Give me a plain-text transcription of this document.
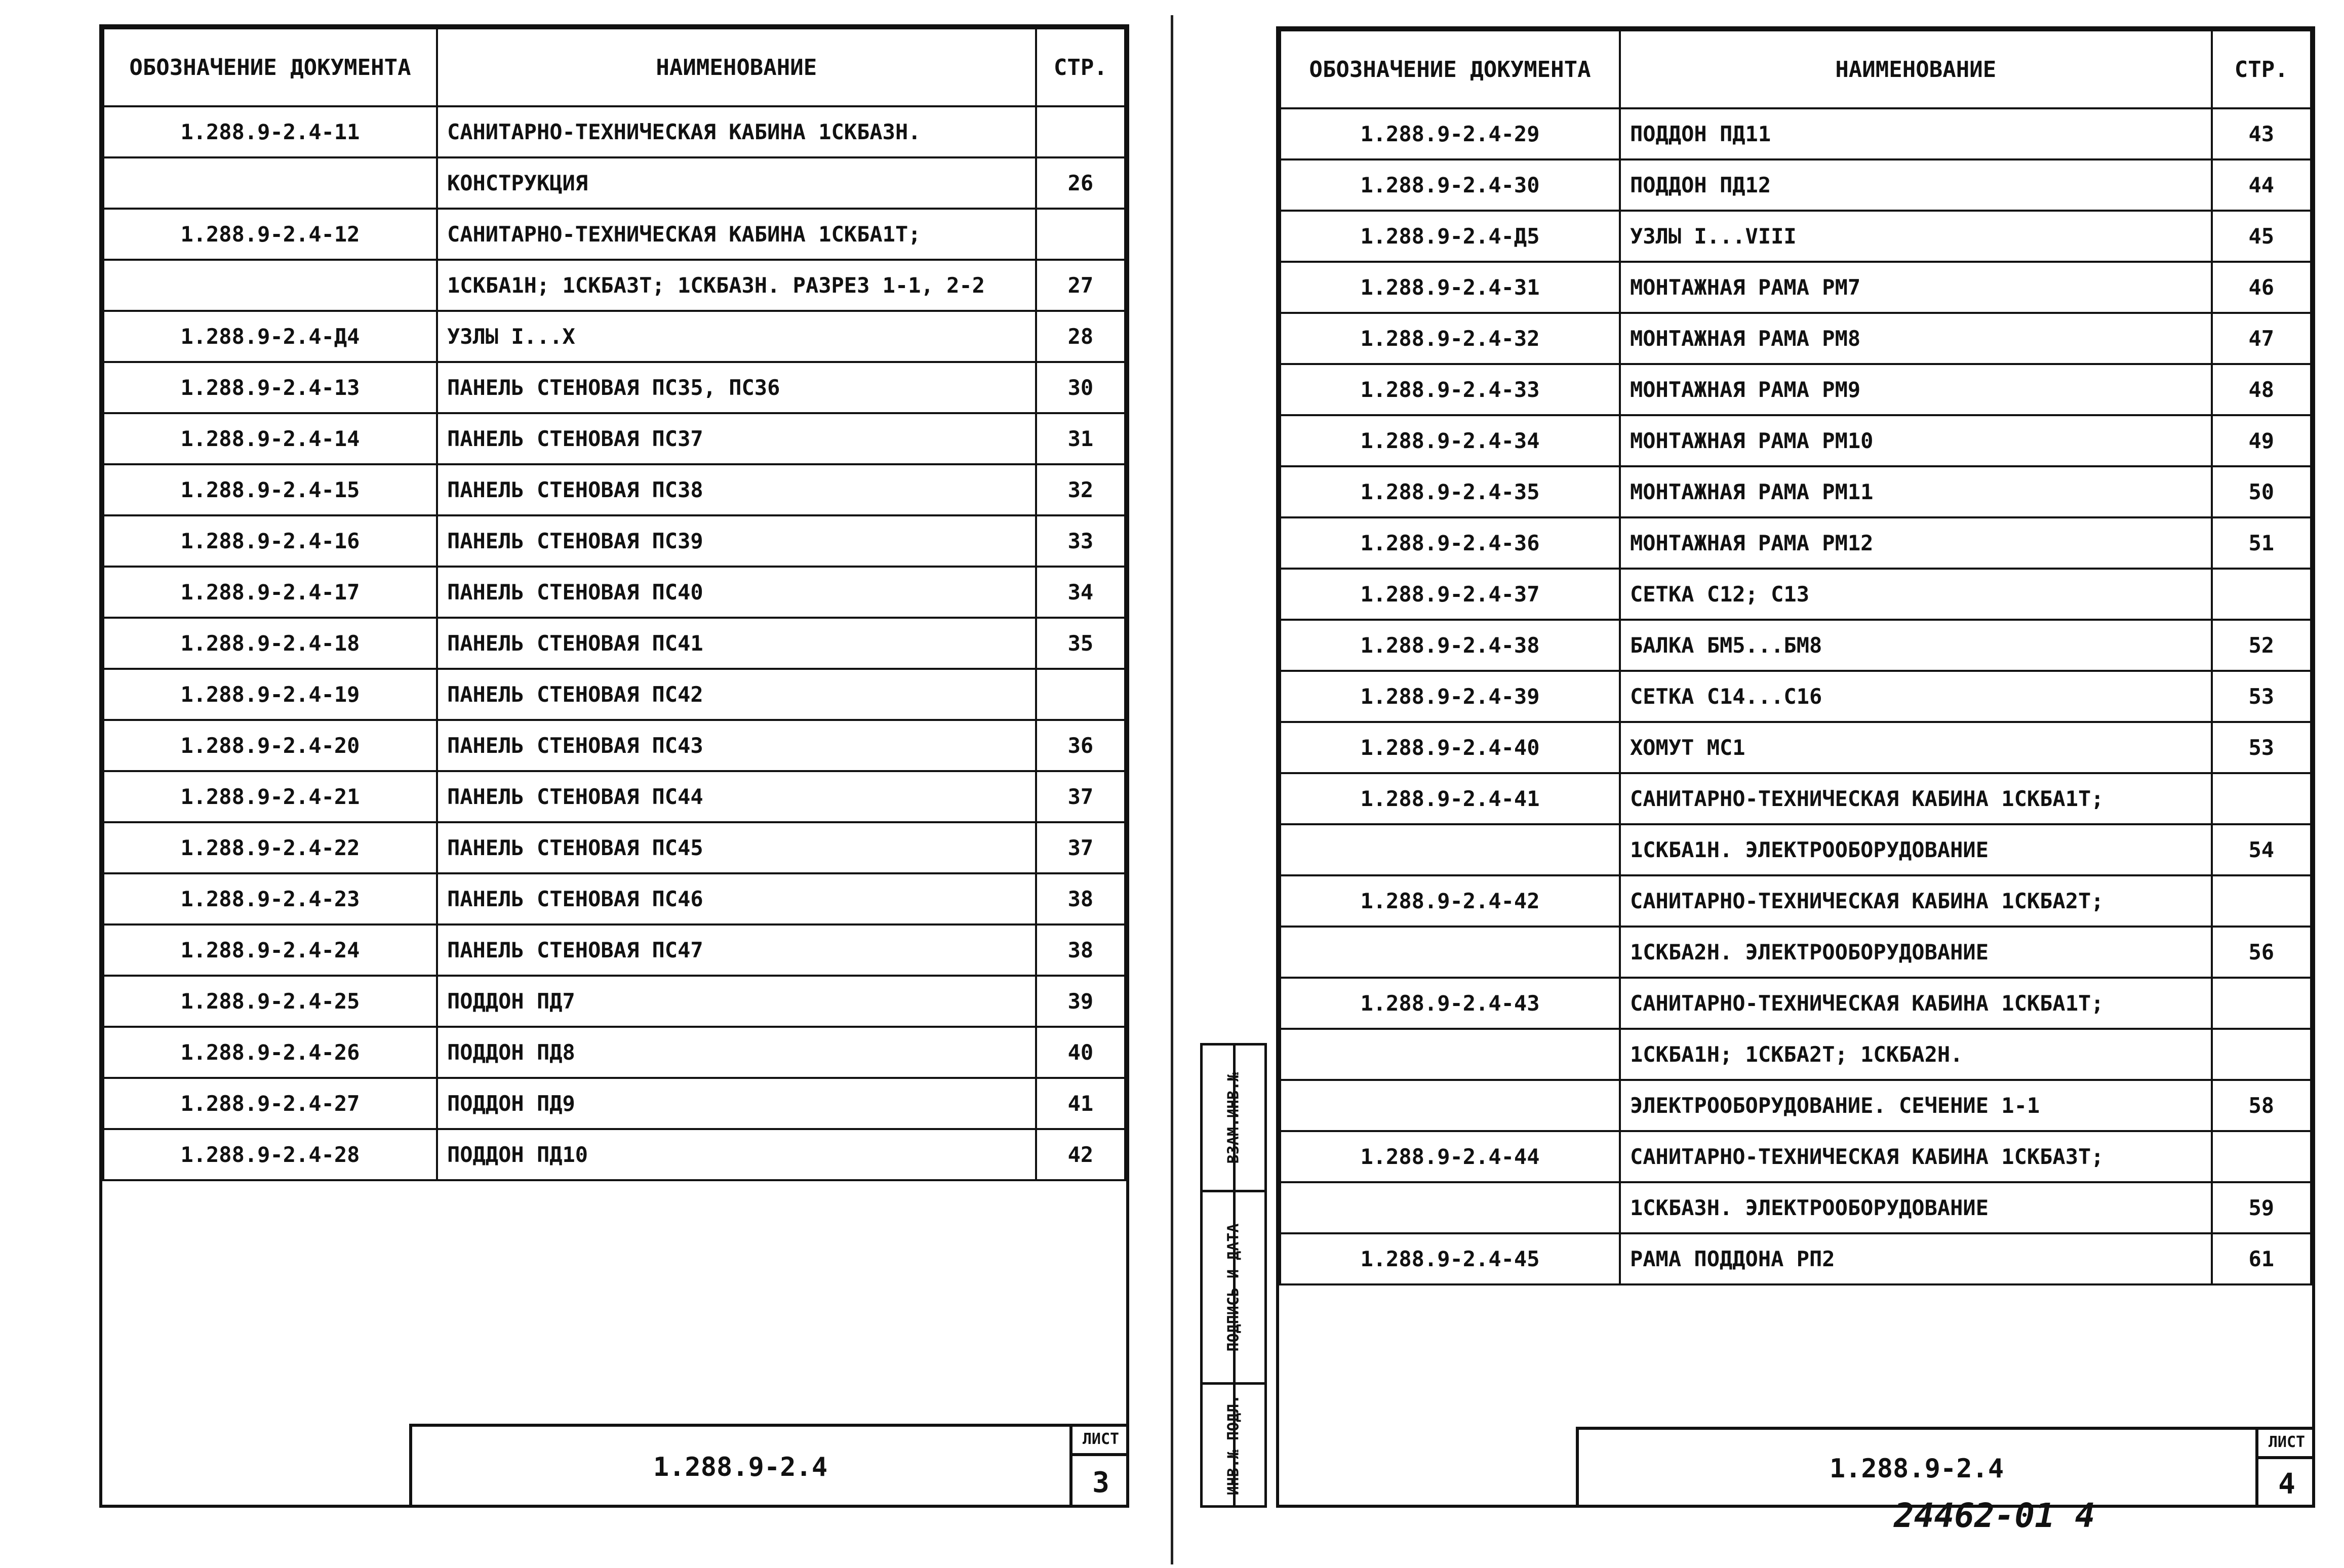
ОБОЗНАЧЕНИЕ ДОКУМЕНТА	НАИМЕНОВАНИЕ	СТР.
1.288.9-2.4-11	САНИТАРНО-ТЕХНИЧЕСКАЯ КАБИНА 1СКБА3Н.	
	КОНСТРУКЦИЯ	26
1.288.9-2.4-12	САНИТАРНО-ТЕХНИЧЕСКАЯ КАБИНА 1СКБА1Т;	
	1СКБА1Н; 1СКБА3Т; 1СКБА3Н. РАЗРЕЗ 1-1, 2-2	27
1.288.9-2.4-Д4	УЗЛЫ I...X	28
1.288.9-2.4-13	ПАНЕЛЬ СТЕНОВАЯ ПС35, ПС36	30
1.288.9-2.4-14	ПАНЕЛЬ СТЕНОВАЯ ПС37	31
1.288.9-2.4-15	ПАНЕЛЬ СТЕНОВАЯ ПС38	32
1.288.9-2.4-16	ПАНЕЛЬ СТЕНОВАЯ ПС39	33
1.288.9-2.4-17	ПАНЕЛЬ СТЕНОВАЯ ПС40	34
1.288.9-2.4-18	ПАНЕЛЬ СТЕНОВАЯ ПС41	35
1.288.9-2.4-19	ПАНЕЛЬ СТЕНОВАЯ ПС42	
1.288.9-2.4-20	ПАНЕЛЬ СТЕНОВАЯ ПС43	36
1.288.9-2.4-21	ПАНЕЛЬ СТЕНОВАЯ ПС44	37
1.288.9-2.4-22	ПАНЕЛЬ СТЕНОВАЯ ПС45	37
1.288.9-2.4-23	ПАНЕЛЬ СТЕНОВАЯ ПС46	38
1.288.9-2.4-24	ПАНЕЛЬ СТЕНОВАЯ ПС47	38
1.288.9-2.4-25	ПОДДОН ПД7	39
1.288.9-2.4-26	ПОДДОН ПД8	40
1.288.9-2.4-27	ПОДДОН ПД9	41
1.288.9-2.4-28	ПОДДОН ПД10	42
1.288.9-2.4
ЛИСТ
3
ВЗАМ.ИНВ.№
ПОДПИСЬ И ДАТА
ИНВ.№ ПОДЛ.
ОБОЗНАЧЕНИЕ ДОКУМЕНТА	НАИМЕНОВАНИЕ	СТР.
1.288.9-2.4-29	ПОДДОН ПД11	43
1.288.9-2.4-30	ПОДДОН ПД12	44
1.288.9-2.4-Д5	УЗЛЫ I...VIII	45
1.288.9-2.4-31	МОНТАЖНАЯ РАМА РМ7	46
1.288.9-2.4-32	МОНТАЖНАЯ РАМА РМ8	47
1.288.9-2.4-33	МОНТАЖНАЯ РАМА РМ9	48
1.288.9-2.4-34	МОНТАЖНАЯ РАМА РМ10	49
1.288.9-2.4-35	МОНТАЖНАЯ РАМА РМ11	50
1.288.9-2.4-36	МОНТАЖНАЯ РАМА РМ12	51
1.288.9-2.4-37	СЕТКА С12; С13	
1.288.9-2.4-38	БАЛКА БМ5...БМ8	52
1.288.9-2.4-39	СЕТКА С14...С16	53
1.288.9-2.4-40	ХОМУТ МС1	53
1.288.9-2.4-41	САНИТАРНО-ТЕХНИЧЕСКАЯ КАБИНА 1СКБА1Т;	
	1СКБА1Н. ЭЛЕКТРООБОРУДОВАНИЕ	54
1.288.9-2.4-42	САНИТАРНО-ТЕХНИЧЕСКАЯ КАБИНА 1СКБА2Т;	
	1СКБА2Н. ЭЛЕКТРООБОРУДОВАНИЕ	56
1.288.9-2.4-43	САНИТАРНО-ТЕХНИЧЕСКАЯ КАБИНА 1СКБА1Т;	
	1СКБА1Н; 1СКБА2Т; 1СКБА2Н.	
	ЭЛЕКТРООБОРУДОВАНИЕ. СЕЧЕНИЕ 1-1	58
1.288.9-2.4-44	САНИТАРНО-ТЕХНИЧЕСКАЯ КАБИНА 1СКБА3Т;	
	1СКБА3Н. ЭЛЕКТРООБОРУДОВАНИЕ	59
1.288.9-2.4-45	РАМА ПОДДОНА РП2	61
1.288.9-2.4
ЛИСТ
4
24462-01 4
